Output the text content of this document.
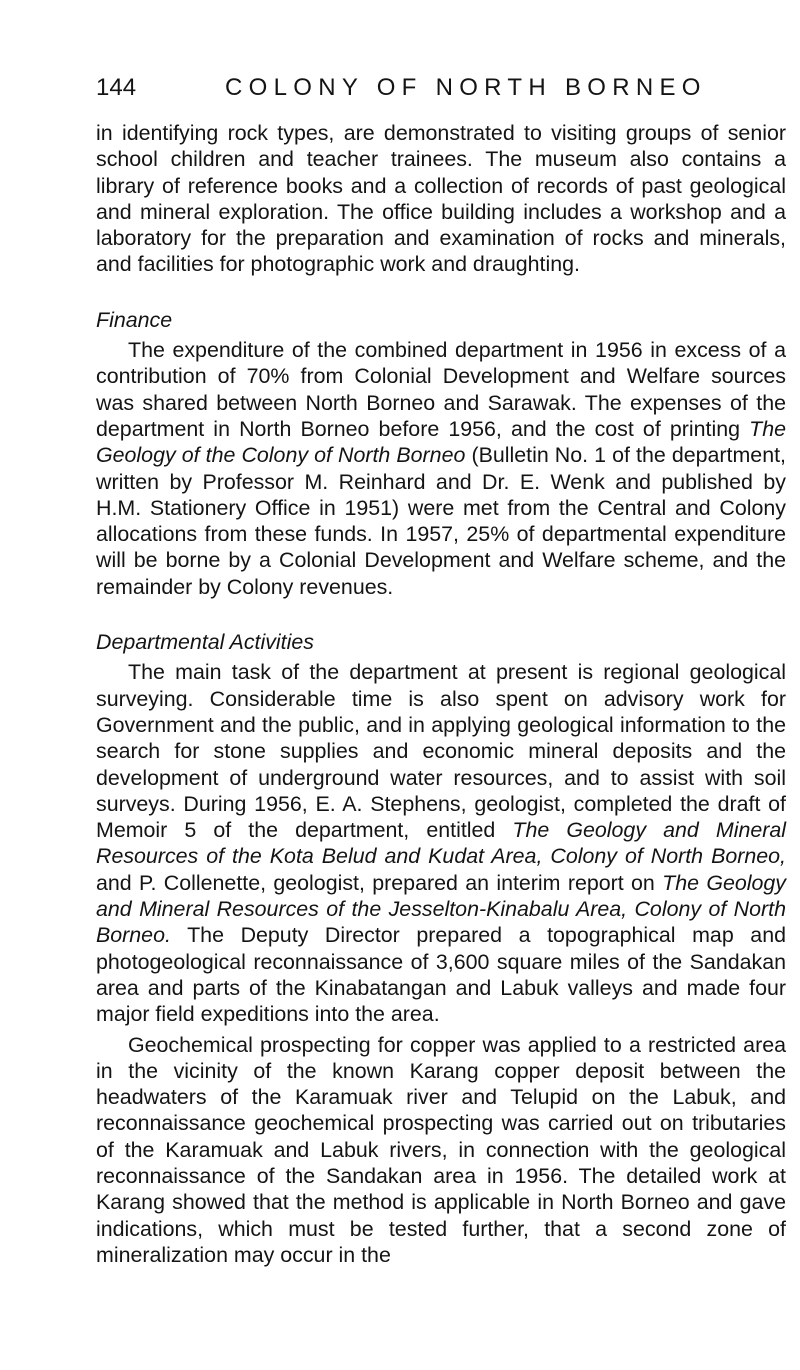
144	COLONY OF NORTH BORNEO

in identifying rock types, are demonstrated to visiting groups of senior school children and teacher trainees. The museum also contains a library of reference books and a collection of records of past geological and mineral exploration. The office building includes a workshop and a laboratory for the preparation and examination of rocks and minerals, and facilities for photographic work and draughting.

Finance

The expenditure of the combined department in 1956 in excess of a contribution of 70% from Colonial Development and Welfare sources was shared between North Borneo and Sarawak. The expenses of the department in North Borneo before 1956, and the cost of printing The Geology of the Colony of North Borneo (Bulletin No. 1 of the department, written by Professor M. Reinhard and Dr. E. Wenk and published by H.M. Stationery Office in 1951) were met from the Central and Colony allocations from these funds. In 1957, 25% of departmental expenditure will be borne by a Colonial Development and Welfare scheme, and the remainder by Colony revenues.

Departmental Activities

The main task of the department at present is regional geological surveying. Considerable time is also spent on advisory work for Government and the public, and in applying geological information to the search for stone supplies and economic mineral deposits and the development of underground water resources, and to assist with soil surveys. During 1956, E. A. Stephens, geologist, completed the draft of Memoir 5 of the department, entitled The Geology and Mineral Resources of the Kota Belud and Kudat Area, Colony of North Borneo, and P. Collenette, geologist, prepared an interim report on The Geology and Mineral Resources of the Jesselton-Kinabalu Area, Colony of North Borneo. The Deputy Director prepared a topographical map and photogeological reconnaissance of 3,600 square miles of the Sandakan area and parts of the Kinabatangan and Labuk valleys and made four major field expeditions into the area.

Geochemical prospecting for copper was applied to a restricted area in the vicinity of the known Karang copper deposit between the headwaters of the Karamuak river and Telupid on the Labuk, and reconnaissance geochemical prospecting was carried out on tributaries of the Karamuak and Labuk rivers, in connection with the geological reconnaissance of the Sandakan area in 1956. The detailed work at Karang showed that the method is applicable in North Borneo and gave indications, which must be tested further, that a second zone of mineralization may occur in the
